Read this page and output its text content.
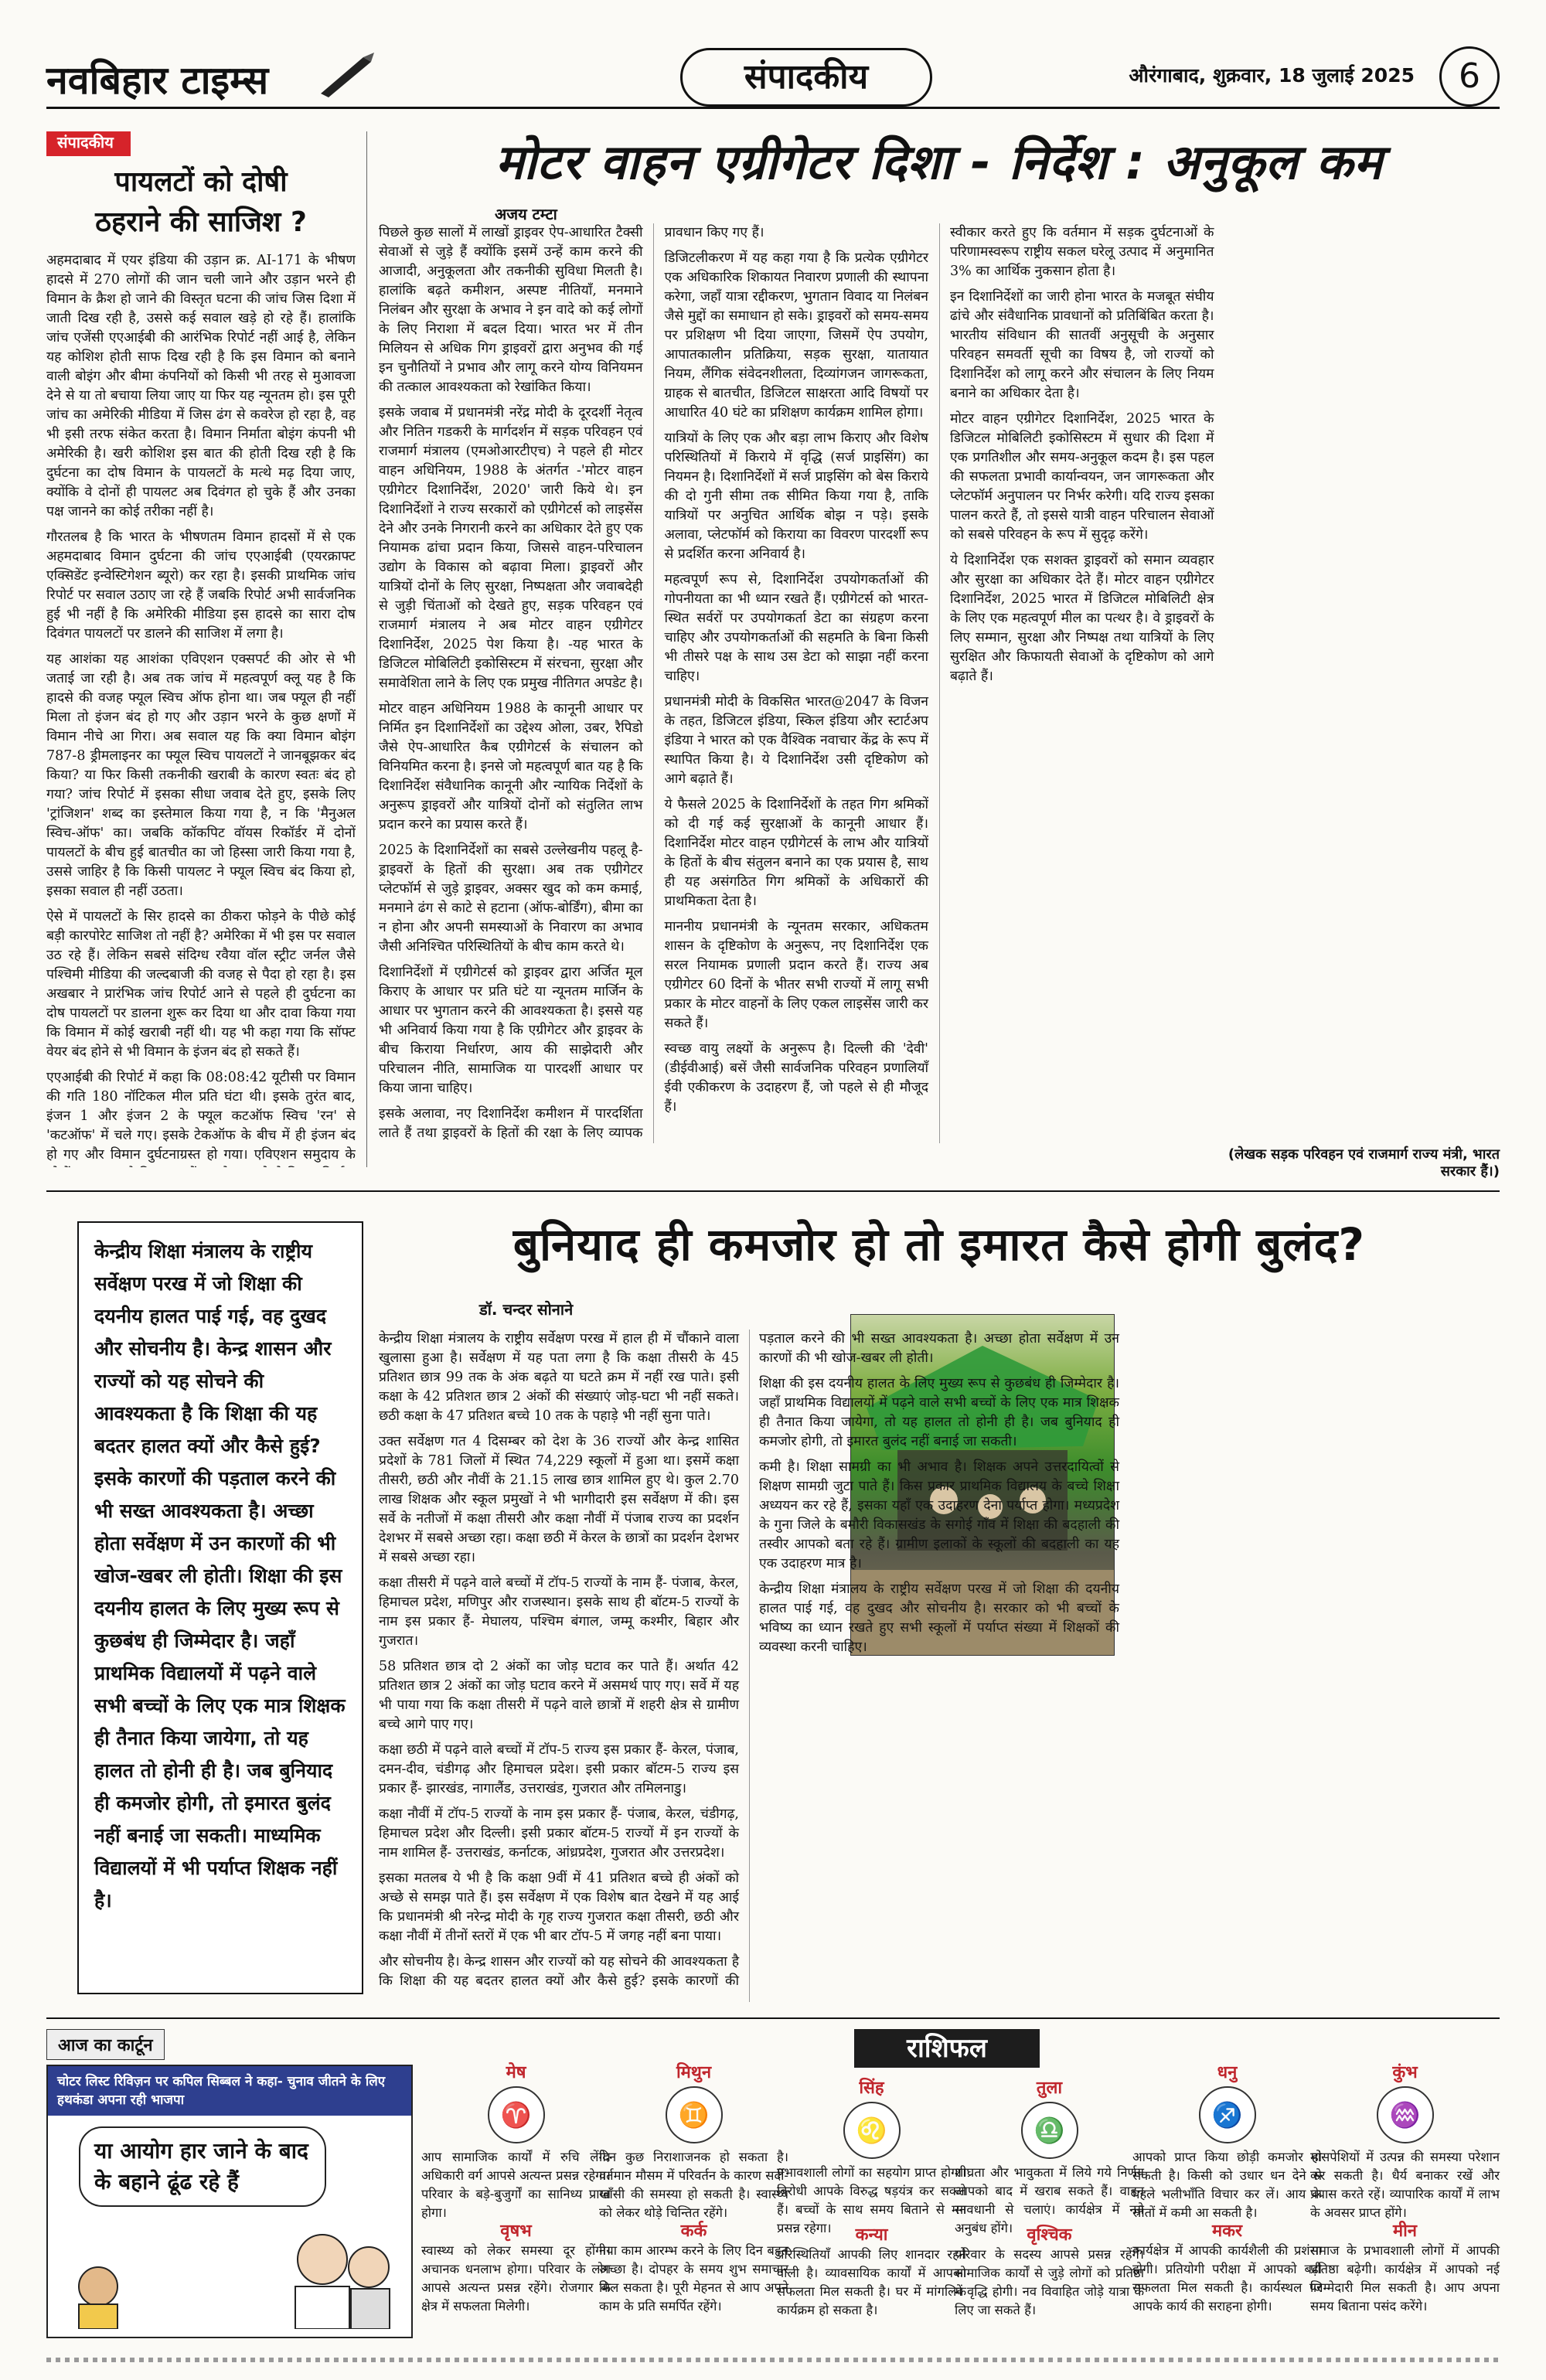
नवबिहार टाइम्स	संपादकीय	औरंगाबाद, शुक्रवार, 18 जुलाई 2025	6
संपादकीय
पायलटों को दोषी
ठहराने की साजिश ?

अहमदाबाद में एयर इंडिया की उड़ान क्र. AI-171 के भीषण हादसे में 270 लोगों की जान चली जाने और उड़ान भरने ही विमान के क्रैश हो जाने की विस्तृत घटना की जांच जिस दिशा में जाती दिख रही है, उससे कई सवाल खड़े हो रहे हैं। हालांकि जांच एजेंसी एएआईबी की आरंभिक रिपोर्ट नहीं आई है, लेकिन यह कोशिश होती साफ दिख रही है कि इस विमान को बनाने वाली बोइंग और बीमा कंपनियों को किसी भी तरह से मुआवजा देने से या तो बचाया लिया जाए या फिर यह न्यूनतम हो। इस पूरी जांच का अमेरिकी मीडिया में जिस ढंग से कवरेज हो रहा है, वह भी इसी तरफ संकेत करता है। विमान निर्माता बोइंग कंपनी भी अमेरिकी है। खरी कोशिश इस बात की होती दिख रही है कि दुर्घटना का दोष विमान के पायलटों के मत्थे मढ़ दिया जाए, क्योंकि वे दोनों ही पायलट अब दिवंगत हो चुके हैं और उनका पक्ष जानने का कोई तरीका नहीं है।

गौरतलब है कि भारत के भीषणतम विमान हादसों में से एक अहमदाबाद विमान दुर्घटना की जांच एएआईबी (एयरक्राफ्ट एक्सिडेंट इन्वेस्टिगेशन ब्यूरो) कर रहा है। इसकी प्राथमिक जांच रिपोर्ट पर सवाल उठाए जा रहे हैं जबकि रिपोर्ट अभी सार्वजनिक हुई भी नहीं है कि अमेरिकी मीडिया इस हादसे का सारा दोष दिवंगत पायलटों पर डालने की साजिश में लगा है।

यह आशंका यह आशंका एविएशन एक्सपर्ट की ओर से भी जताई जा रही है। अब तक जांच में महत्वपूर्ण क्लू यह है कि हादसे की वजह फ्यूल स्विच ऑफ होना था। जब फ्यूल ही नहीं मिला तो इंजन बंद हो गए और उड़ान भरने के कुछ क्षणों में विमान नीचे आ गिरा। अब सवाल यह कि क्या विमान बोइंग 787-8 ड्रीमलाइनर का फ्यूल स्विच पायलटों ने जानबूझकर बंद किया? या फिर किसी तकनीकी खराबी के कारण स्वतः बंद हो गया? जांच रिपोर्ट में इसका सीधा जवाब देते हुए, इसके लिए 'ट्रांजिशन' शब्द का इस्तेमाल किया गया है, न कि 'मैनुअल स्विच-ऑफ' का। जबकि कॉकपिट वॉयस रिकॉर्डर में दोनों पायलटों के बीच हुई बातचीत का जो हिस्सा जारी किया गया है, उससे जाहिर है कि किसी पायलट ने फ्यूल स्विच बंद किया हो, इसका सवाल ही नहीं उठता।

ऐसे में पायलटों के सिर हादसे का ठीकरा फोड़ने के पीछे कोई बड़ी कारपोरेट साजिश तो नहीं है? अमेरिका में भी इस पर सवाल उठ रहे हैं। लेकिन सबसे संदिग्ध रवैया वॉल स्ट्रीट जर्नल जैसे पश्चिमी मीडिया की जल्दबाजी की वजह से पैदा हो रहा है। इस अखबार ने प्रारंभिक जांच रिपोर्ट आने से पहले ही दुर्घटना का दोष पायलटों पर डालना शुरू कर दिया था और दावा किया गया कि विमान में कोई खराबी नहीं थी। यह भी कहा गया कि सॉफ्ट वेयर बंद होने से भी विमान के इंजन बंद हो सकते हैं।

एएआईबी की रिपोर्ट में कहा कि 08:08:42 यूटीसी पर विमान की गति 180 नॉटिकल मील प्रति घंटा थी। इसके तुरंत बाद, इंजन 1 और इंजन 2 के फ्यूल कटऑफ स्विच 'रन' से 'कटऑफ' में चले गए। इसके टेकऑफ के बीच में ही इंजन बंद हो गए और विमान दुर्घटनाग्रस्त हो गया। एविएशन समुदाय के

मोटर वाहन एग्रीगेटर दिशा - निर्देश : अनुकूल कम
अजय टम्टा

पिछले कुछ सालों में लाखों ड्राइवर ऐप-आधारित टैक्सी सेवाओं से जुड़े हैं क्योंकि इसमें उन्हें काम करने की आजादी, अनुकूलता और तकनीकी सुविधा मिलती है। हालांकि बढ़ते कमीशन, अस्पष्ट नीतियाँ, मनमाने निलंबन और सुरक्षा के अभाव ने इन वादे को कई लोगों के लिए निराशा में बदल दिया। भारत भर में तीन मिलियन से अधिक गिग ड्राइवरों द्वारा अनुभव की गई इन चुनौतियों ने प्रभाव और लागू करने योग्य विनियमन की तत्काल आवश्यकता को रेखांकित किया।

इसके जवाब में प्रधानमंत्री नरेंद्र मोदी के दूरदर्शी नेतृत्व और नितिन गडकरी के मार्गदर्शन में सड़क परिवहन एवं राजमार्ग मंत्रालय (एमओआरटीएच) ने पहले ही मोटर वाहन अधिनियम, 1988 के अंतर्गत -'मोटर वाहन एग्रीगेटर दिशानिर्देश, 2020' जारी किये थे। इन दिशानिर्देशों ने राज्य सरकारों को एग्रीगेटर्स को लाइसेंस देने और उनके निगरानी करने का अधिकार देते हुए एक नियामक ढांचा प्रदान किया, जिससे वाहन-परिचालन उद्योग के विकास को बढ़ावा मिला। ड्राइवरों और यात्रियों दोनों के लिए सुरक्षा, निष्पक्षता और जवाबदेही से जुड़ी चिंताओं को देखते हुए, सड़क परिवहन एवं राजमार्ग मंत्रालय ने अब मोटर वाहन एग्रीगेटर दिशानिर्देश, 2025 पेश किया है। -यह भारत के डिजिटल मोबिलिटी इकोसिस्टम में संरचना, सुरक्षा और समावेशिता लाने के लिए एक प्रमुख नीतिगत अपडेट है।

मोटर वाहन अधिनियम 1988 के कानूनी आधार पर निर्मित इन दिशानिर्देशों का उद्देश्य ओला, उबर, रैपिडो जैसे ऐप-आधारित कैब एग्रीगेटर्स के संचालन को विनियमित करना है। इनसे जो महत्वपूर्ण बात यह है कि दिशानिर्देश संवैधानिक कानूनी और न्यायिक निर्देशों के अनुरूप ड्राइवरों और यात्रियों दोनों को संतुलित लाभ प्रदान करने का प्रयास करते हैं।

2025 के दिशानिर्देशों का सबसे उल्लेखनीय पहलू है-ड्राइवरों के हितों की सुरक्षा। अब तक एग्रीगेटर प्लेटफॉर्म से जुड़े ड्राइवर, अक्सर खुद को कम कमाई, मनमाने ढंग से काटे से हटाना (ऑफ-बोर्डिंग), बीमा का न होना और अपनी समस्याओं के निवारण का अभाव जैसी अनिश्चित परिस्थितियों के बीच काम करते थे।

दिशानिर्देशों में एग्रीगेटर्स को ड्राइवर द्वारा अर्जित मूल किराए के आधार पर प्रति घंटे या न्यूनतम मार्जिन के आधार पर भुगतान करने की आवश्यकता है। इससे यह भी अनिवार्य किया गया है कि एग्रीगेटर और ड्राइवर के बीच किराया निर्धारण, आय की साझेदारी और परिचालन नीति, सामाजिक या पारदर्शी आधार पर किया जाना चाहिए।

इसके अलावा, नए दिशानिर्देश कमीशन में पारदर्शिता लाते हैं तथा ड्राइवरों के हितों की रक्षा के लिए व्यापक प्रावधान किए गए हैं।

डिजिटलीकरण में यह कहा गया है कि प्रत्येक एग्रीगेटर एक अधिकारिक शिकायत निवारण प्रणाली की स्थापना करेगा, जहाँ यात्रा रद्दीकरण, भुगतान विवाद या निलंबन जैसे मुद्दों का समाधान हो सके। ड्राइवरों को समय-समय पर प्रशिक्षण भी दिया जाएगा, जिसमें ऐप उपयोग, आपातकालीन प्रतिक्रिया, सड़क सुरक्षा, यातायात नियम, लैंगिक संवेदनशीलता, दिव्यांगजन जागरूकता, ग्राहक से बातचीत, डिजिटल साक्षरता आदि विषयों पर आधारित 40 घंटे का प्रशिक्षण कार्यक्रम शामिल होगा।

यात्रियों के लिए एक और बड़ा लाभ किराए और विशेष परिस्थितियों में किराये में वृद्धि (सर्ज प्राइसिंग) का नियमन है। दिशानिर्देशों में सर्ज प्राइसिंग को बेस किराये की दो गुनी सीमा तक सीमित किया गया है, ताकि यात्रियों पर अनुचित आर्थिक बोझ न पड़े। इसके अलावा, प्लेटफॉर्म को किराया का विवरण पारदर्शी रूप से प्रदर्शित करना अनिवार्य है।

महत्वपूर्ण रूप से, दिशानिर्देश उपयोगकर्ताओं की गोपनीयता का भी ध्यान रखते हैं। एग्रीगेटर्स को भारत-स्थित सर्वरों पर उपयोगकर्ता डेटा का संग्रहण करना चाहिए और उपयोगकर्ताओं की सहमति के बिना किसी भी तीसरे पक्ष के साथ उस डेटा को साझा नहीं करना चाहिए।

प्रधानमंत्री मोदी के विकसित भारत@2047 के विजन के तहत, डिजिटल इंडिया, स्किल इंडिया और स्टार्टअप इंडिया ने भारत को एक वैश्विक नवाचार केंद्र के रूप में स्थापित किया है। ये दिशानिर्देश उसी दृष्टिकोण को आगे बढ़ाते हैं।

ये फैसले 2025 के दिशानिर्देशों के तहत गिग श्रमिकों को दी गई कई सुरक्षाओं के कानूनी आधार हैं। दिशानिर्देश मोटर वाहन एग्रीगेटर्स के लाभ और यात्रियों के हितों के बीच संतुलन बनाने का एक प्रयास है, साथ ही यह असंगठित गिग श्रमिकों के अधिकारों की प्राथमिकता देता है।

माननीय प्रधानमंत्री के न्यूनतम सरकार, अधिकतम शासन के दृष्टिकोण के अनुरूप, नए दिशानिर्देश एक सरल नियामक प्रणाली प्रदान करते हैं। राज्य अब एग्रीगेटर 60 दिनों के भीतर सभी राज्यों में लागू सभी प्रकार के मोटर वाहनों के लिए एकल लाइसेंस जारी कर सकते हैं।

स्वच्छ वायु लक्ष्यों के अनुरूप है। दिल्ली की 'देवी' (डीईवीआई) बसें जैसी सार्वजनिक परिवहन प्रणालियाँ ईवी एकीकरण के उदाहरण हैं, जो पहले से ही मौजूद हैं।

स्वीकार करते हुए कि वर्तमान में सड़क दुर्घटनाओं के परिणामस्वरूप राष्ट्रीय सकल घरेलू उत्पाद में अनुमानित 3% का आर्थिक नुकसान होता है।

इन दिशानिर्देशों का जारी होना भारत के मजबूत संघीय ढांचे और संवैधानिक प्रावधानों को प्रतिबिंबित करता है। भारतीय संविधान की सातवीं अनुसूची के अनुसार परिवहन समवर्ती सूची का विषय है, जो राज्यों को दिशानिर्देश को लागू करने और संचालन के लिए नियम बनाने का अधिकार देता है।

मोटर वाहन एग्रीगेटर दिशानिर्देश, 2025 भारत के डिजिटल मोबिलिटी इकोसिस्टम में सुधार की दिशा में एक प्रगतिशील और समय-अनुकूल कदम है। इस पहल की सफलता प्रभावी कार्यान्वयन, जन जागरूकता और प्लेटफॉर्म अनुपालन पर निर्भर करेगी। यदि राज्य इसका पालन करते हैं, तो इससे यात्री वाहन परिचालन सेवाओं को सबसे परिवहन के रूप में सुदृढ़ करेंगे।

ये दिशानिर्देश एक सशक्त ड्राइवरों को समान व्यवहार और सुरक्षा का अधिकार देते हैं। मोटर वाहन एग्रीगेटर दिशानिर्देश, 2025 भारत में डिजिटल मोबिलिटी क्षेत्र के लिए एक महत्वपूर्ण मील का पत्थर है। वे ड्राइवरों के लिए सम्मान, सुरक्षा और निष्पक्ष तथा यात्रियों के लिए सुरक्षित और किफायती सेवाओं के दृष्टिकोण को आगे बढ़ाते हैं।

(लेखक सड़क परिवहन एवं राजमार्ग राज्य मंत्री, भारत सरकार हैं।)
बुनियाद ही कमजोर हो तो इमारत कैसे होगी बुलंद?
केन्द्रीय शिक्षा मंत्रालय के राष्ट्रीय सर्वेक्षण परख में जो शिक्षा की दयनीय हालत पाई गई, वह दुखद और सोचनीय है। केन्द्र शासन और राज्यों को यह सोचने की आवश्यकता है कि शिक्षा की यह बदतर हालत क्यों और कैसे हुई? इसके कारणों की पड़ताल करने की भी सख्त आवश्यकता है। अच्छा होता सर्वेक्षण में उन कारणों की भी खोज-खबर ली होती। शिक्षा की इस दयनीय हालत के लिए मुख्य रूप से कुछबंध ही जिम्मेदार है। जहाँ प्राथमिक विद्यालयों में पढ़ने वाले सभी बच्चों के लिए एक मात्र शिक्षक ही तैनात किया जायेगा, तो यह हालत तो होनी ही है। जब बुनियाद ही कमजोर होगी, तो इमारत बुलंद नहीं बनाई जा सकती। माध्यमिक विद्यालयों में भी पर्याप्त शिक्षक नहीं है।
डॉ. चन्दर सोनाने

केन्द्रीय शिक्षा मंत्रालय के राष्ट्रीय सर्वेक्षण परख में हाल ही में चौंकाने वाला खुलासा हुआ है। सर्वेक्षण में यह पता लगा है कि कक्षा तीसरी के 45 प्रतिशत छात्र 99 तक के अंक बढ़ते या घटते क्रम में नहीं रख पाते। इसी कक्षा के 42 प्रतिशत छात्र 2 अंकों की संख्याएं जोड़-घटा भी नहीं सकते। छठी कक्षा के 47 प्रतिशत बच्चे 10 तक के पहाड़े भी नहीं सुना पाते।

उक्त सर्वेक्षण गत 4 दिसम्बर को देश के 36 राज्यों और केन्द्र शासित प्रदेशों के 781 जिलों में स्थित 74,229 स्कूलों में हुआ था। इसमें कक्षा तीसरी, छठी और नौवीं के 21.15 लाख छात्र शामिल हुए थे। कुल 2.70 लाख शिक्षक और स्कूल प्रमुखों ने भी भागीदारी इस सर्वेक्षण में की। इस सर्वे के नतीजों में कक्षा तीसरी और कक्षा नौवीं में पंजाब राज्य का प्रदर्शन देशभर में सबसे अच्छा रहा। कक्षा छठी में केरल के छात्रों का प्रदर्शन देशभर में सबसे अच्छा रहा।

कक्षा तीसरी में पढ़ने वाले बच्चों में टॉप-5 राज्यों के नाम हैं- पंजाब, केरल, हिमाचल प्रदेश, मणिपुर और राजस्थान। इसके साथ ही बॉटम-5 राज्यों के नाम इस प्रकार हैं- मेघालय, पश्चिम बंगाल, जम्मू कश्मीर, बिहार और गुजरात।

58 प्रतिशत छात्र दो 2 अंकों का जोड़ घटाव कर पाते हैं। अर्थात 42 प्रतिशत छात्र 2 अंकों का जोड़ घटाव करने में असमर्थ पाए गए। सर्वे में यह भी पाया गया कि कक्षा तीसरी में पढ़ने वाले छात्रों में शहरी क्षेत्र से ग्रामीण बच्चे आगे पाए गए।

कक्षा छठी में पढ़ने वाले बच्चों में टॉप-5 राज्य इस प्रकार हैं- केरल, पंजाब, दमन-दीव, चंडीगढ़ और हिमाचल प्रदेश। इसी प्रकार बॉटम-5 राज्य इस प्रकार हैं- झारखंड, नागालैंड, उत्तराखंड, गुजरात और तमिलनाडु।

कक्षा नौवीं में टॉप-5 राज्यों के नाम इस प्रकार हैं- पंजाब, केरल, चंडीगढ़, हिमाचल प्रदेश और दिल्ली। इसी प्रकार बॉटम-5 राज्यों में इन राज्यों के नाम शामिल हैं- उत्तराखंड, कर्नाटक, आंध्रप्रदेश, गुजरात और उत्तरप्रदेश।

इसका मतलब ये भी है कि कक्षा 9वीं में 41 प्रतिशत बच्चे ही अंकों को अच्छे से समझ पाते हैं। इस सर्वेक्षण में एक विशेष बात देखने में यह आई कि प्रधानमंत्री श्री नरेन्द्र मोदी के गृह राज्य गुजरात कक्षा तीसरी, छठी और कक्षा नौवीं में तीनों स्तरों में एक भी बार टॉप-5 में जगह नहीं बना पाया।

और सोचनीय है। केन्द्र शासन और राज्यों को यह सोचने की आवश्यकता है कि शिक्षा की यह बदतर हालत क्यों और कैसे हुई? इसके कारणों की पड़ताल करने की भी सख्त आवश्यकता है। अच्छा होता सर्वेक्षण में उन कारणों की भी खोज-खबर ली होती।

शिक्षा की इस दयनीय हालत के लिए मुख्य रूप से कुछबंध ही जिम्मेदार है। जहाँ प्राथमिक विद्यालयों में पढ़ने वाले सभी बच्चों के लिए एक मात्र शिक्षक ही तैनात किया जायेगा, तो यह हालत तो होनी ही है। जब बुनियाद ही कमजोर होगी, तो इमारत बुलंद नहीं बनाई जा सकती।

कमी है। शिक्षा सामग्री का भी अभाव है। शिक्षक अपने उत्तरदायित्वों से शिक्षण सामग्री जुटा पाते हैं। किस प्रकार प्राथमिक विद्यालय के बच्चे शिक्षा अध्ययन कर रहे हैं, इसका यहाँ एक उदाहरण देना पर्याप्त होगा। मध्यप्रदेश के गुना जिले के बमौरी विकासखंड के सगोई गाँव में शिक्षा की बदहाली की तस्वीर आपको बता रहे हैं। ग्रामीण इलाकों के स्कूलों की बदहाली का यह एक उदाहरण मात्र है।

केन्द्रीय शिक्षा मंत्रालय के राष्ट्रीय सर्वेक्षण परख में जो शिक्षा की दयनीय हालत पाई गई, वह दुखद और सोचनीय है। सरकार को भी बच्चों के भविष्य का ध्यान रखते हुए सभी स्कूलों में पर्याप्त संख्या में शिक्षकों की व्यवस्था करनी चाहिए।

आज का कार्टून
चोटर लिस्ट रिविज़न पर कपिल सिब्बल ने कहा- चुनाव जीतने के लिए हथकंडा अपना रही भाजपा
या आयोग हार जाने के बाद के बहाने ढूंढ रहे हैं
राशिफल
मेष
♈
आप सामाजिक कार्यों में रुचि लेंगे। अधिकारी वर्ग आपसे अत्यन्त प्रसन्न रहेगा। परिवार के बड़े-बुजुर्गों का सानिध्य प्राप्त होगा।
मिथुन
♊
दिन कुछ निराशाजनक हो सकता है। वर्तमान मौसम में परिवर्तन के कारण सर्दी-खाँसी की समस्या हो सकती है। स्वास्थ्य को लेकर थोड़े चिन्तित रहेंगे।
सिंह
♌
प्रभावशाली लोगों का सहयोग प्राप्त होगा। विरोधी आपके विरुद्ध षड़यंत्र कर सकते हैं। बच्चों के साथ समय बिताने से मन प्रसन्न रहेगा।
तुला
♎
शीघ्रता और भावुकता में लिये गये निर्णय आपको बाद में खराब सकते हैं। वाहन सावधानी से चलाएं। कार्यक्षेत्र में नये अनुबंध होंगे।
धनु
♐
आपको प्राप्त किया छोड़ी कमजोर हो सकती है। किसी को उधार धन देने से पहले भलीभाँति विचार कर लें। आय के स्रोतों में कमी आ सकती है।
कुंभ
♒
मांसपेशियों में उत्पन्न की समस्या परेशान कर सकती है। धैर्य बनाकर रखें और प्रयास करते रहें। व्यापारिक कार्यों में लाभ के अवसर प्राप्त होंगे।
वृषभ
स्वास्थ्य को लेकर समस्या दूर होंगी। अचानक धनलाभ होगा। परिवार के लोग आपसे अत्यन्त प्रसन्न रहेंगे। रोजगार के क्षेत्र में सफलता मिलेगी।
कर्क
नया काम आरम्भ करने के लिए दिन बहुत अच्छा है। दोपहर के समय शुभ समाचार मिल सकता है। पूरी मेहनत से आप अपने काम के प्रति समर्पित रहेंगे।
कन्या
परिस्थितियाँ आपकी लिए शानदार रहने वाली है। व्यावसायिक कार्यों में आपको सफलता मिल सकती है। घर में मांगलिक कार्यक्रम हो सकता है।
वृश्चिक
परिवार के सदस्य आपसे प्रसन्न रहेंगे। सामाजिक कार्यों से जुड़े लोगों को प्रतिष्ठा में वृद्धि होगी। नव विवाहित जोड़े यात्रा के लिए जा सकते हैं।
मकर
कार्यक्षेत्र में आपकी कार्यशैली की प्रशंसा होगी। प्रतियोगी परीक्षा में आपको बड़ी सफलता मिल सकती है। कार्यस्थल पर आपके कार्य की सराहना होगी।
मीन
समाज के प्रभावशाली लोगों में आपकी प्रतिष्ठा बढ़ेगी। कार्यक्षेत्र में आपको नई जिम्मेदारी मिल सकती है। आप अपना समय बिताना पसंद करेंगे।
